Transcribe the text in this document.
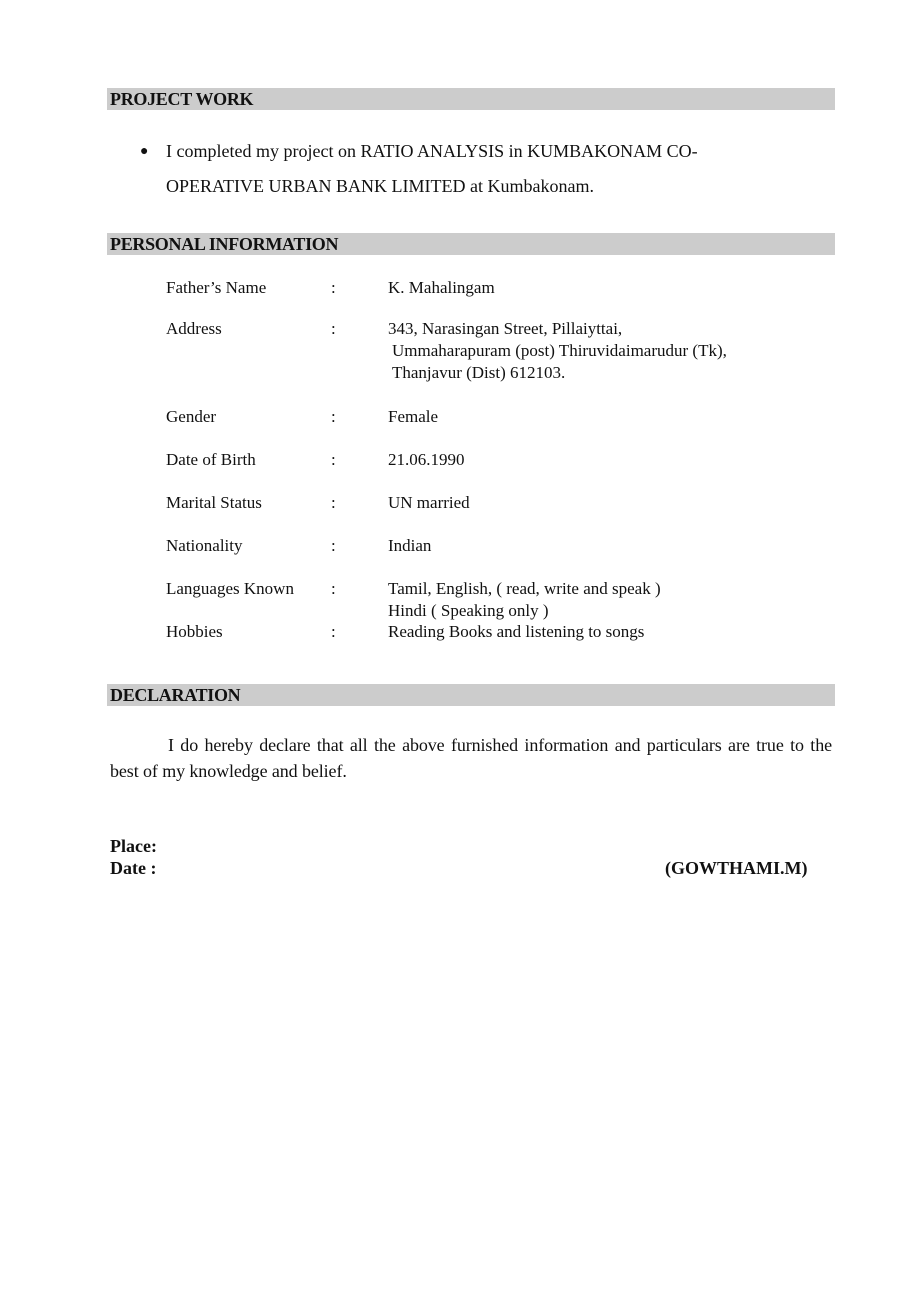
PROJECT WORK
● I completed my project on RATIO ANALYSIS in KUMBAKONAM CO-
OPERATIVE URBAN BANK LIMITED at Kumbakonam.
PERSONAL INFORMATION
Father’s Name	:	K. Mahalingam
Address	:	343, Narasingan Street, Pillaiyttai,
Ummaharapuram (post) Thiruvidaimarudur (Tk),
Thanjavur (Dist) 612103.
Gender	:	Female
Date of Birth	:	21.06.1990
Marital Status	:	UN married
Nationality	:	Indian
Languages Known :	Tamil, English, ( read, write and speak )
Hindi ( Speaking only )
Hobbies	:	Reading Books and listening to songs
DECLARATION
I do hereby declare that all the above furnished information and particulars are true to the best of my knowledge and belief.
Place:
Date :	(GOWTHAMI.M)
